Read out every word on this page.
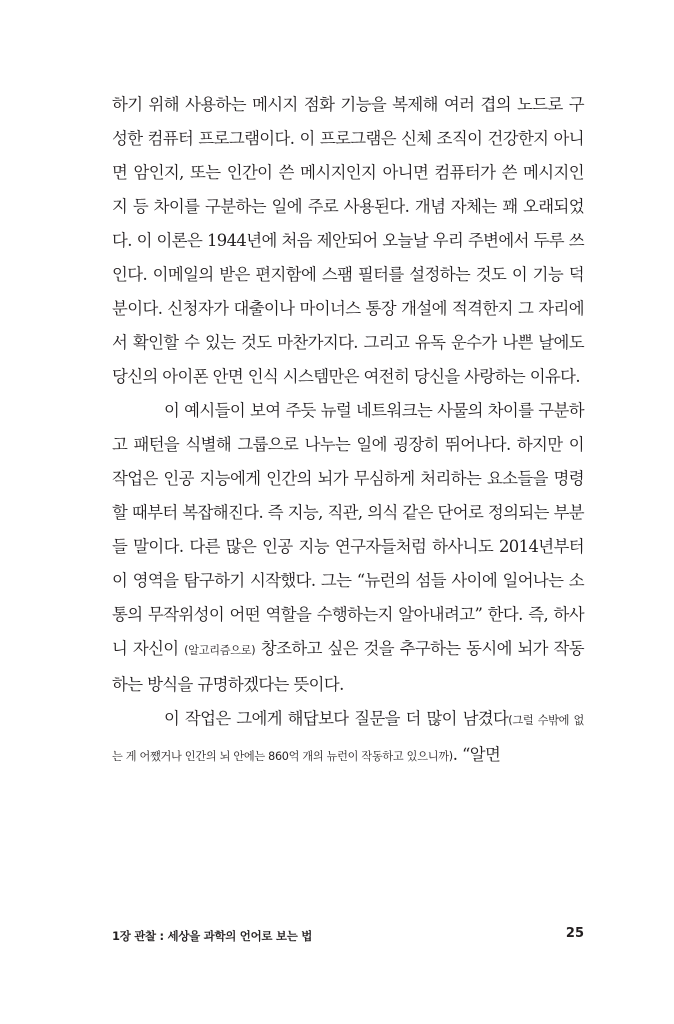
하기 위해 사용하는 메시지 점화 기능을 복제해 여러 겹의 노드로 구성한 컴퓨터 프로그램이다. 이 프로그램은 신체 조직이 건강한지 아니면 암인지, 또는 인간이 쓴 메시지인지 아니면 컴퓨터가 쓴 메시지인지 등 차이를 구분하는 일에 주로 사용된다. 개념 자체는 꽤 오래되었다. 이 이론은 1944년에 처음 제안되어 오늘날 우리 주변에서 두루 쓰인다. 이메일의 받은 편지함에 스팸 필터를 설정하는 것도 이 기능 덕분이다. 신청자가 대출이나 마이너스 통장 개설에 적격한지 그 자리에서 확인할 수 있는 것도 마찬가지다. 그리고 유독 운수가 나쁜 날에도 당신의 아이폰 안면 인식 시스템만은 여전히 당신을 사랑하는 이유다.

이 예시들이 보여 주듯 뉴럴 네트워크는 사물의 차이를 구분하고 패턴을 식별해 그룹으로 나누는 일에 굉장히 뛰어나다. 하지만 이 작업은 인공 지능에게 인간의 뇌가 무심하게 처리하는 요소들을 명령할 때부터 복잡해진다. 즉 지능, 직관, 의식 같은 단어로 정의되는 부분들 말이다. 다른 많은 인공 지능 연구자들처럼 하사니도 2014년부터 이 영역을 탐구하기 시작했다. 그는 “뉴런의 섬들 사이에 일어나는 소통의 무작위성이 어떤 역할을 수행하는지 알아내려고” 한다. 즉, 하사니 자신이 (알고리즘으로) 창조하고 싶은 것을 추구하는 동시에 뇌가 작동하는 방식을 규명하겠다는 뜻이다.

이 작업은 그에게 해답보다 질문을 더 많이 남겼다(그럴 수밖에 없는 게 어쨌거나 인간의 뇌 안에는 860억 개의 뉴런이 작동하고 있으니까). “알면

1장 관찰 : 세상을 과학의 언어로 보는 법	25
